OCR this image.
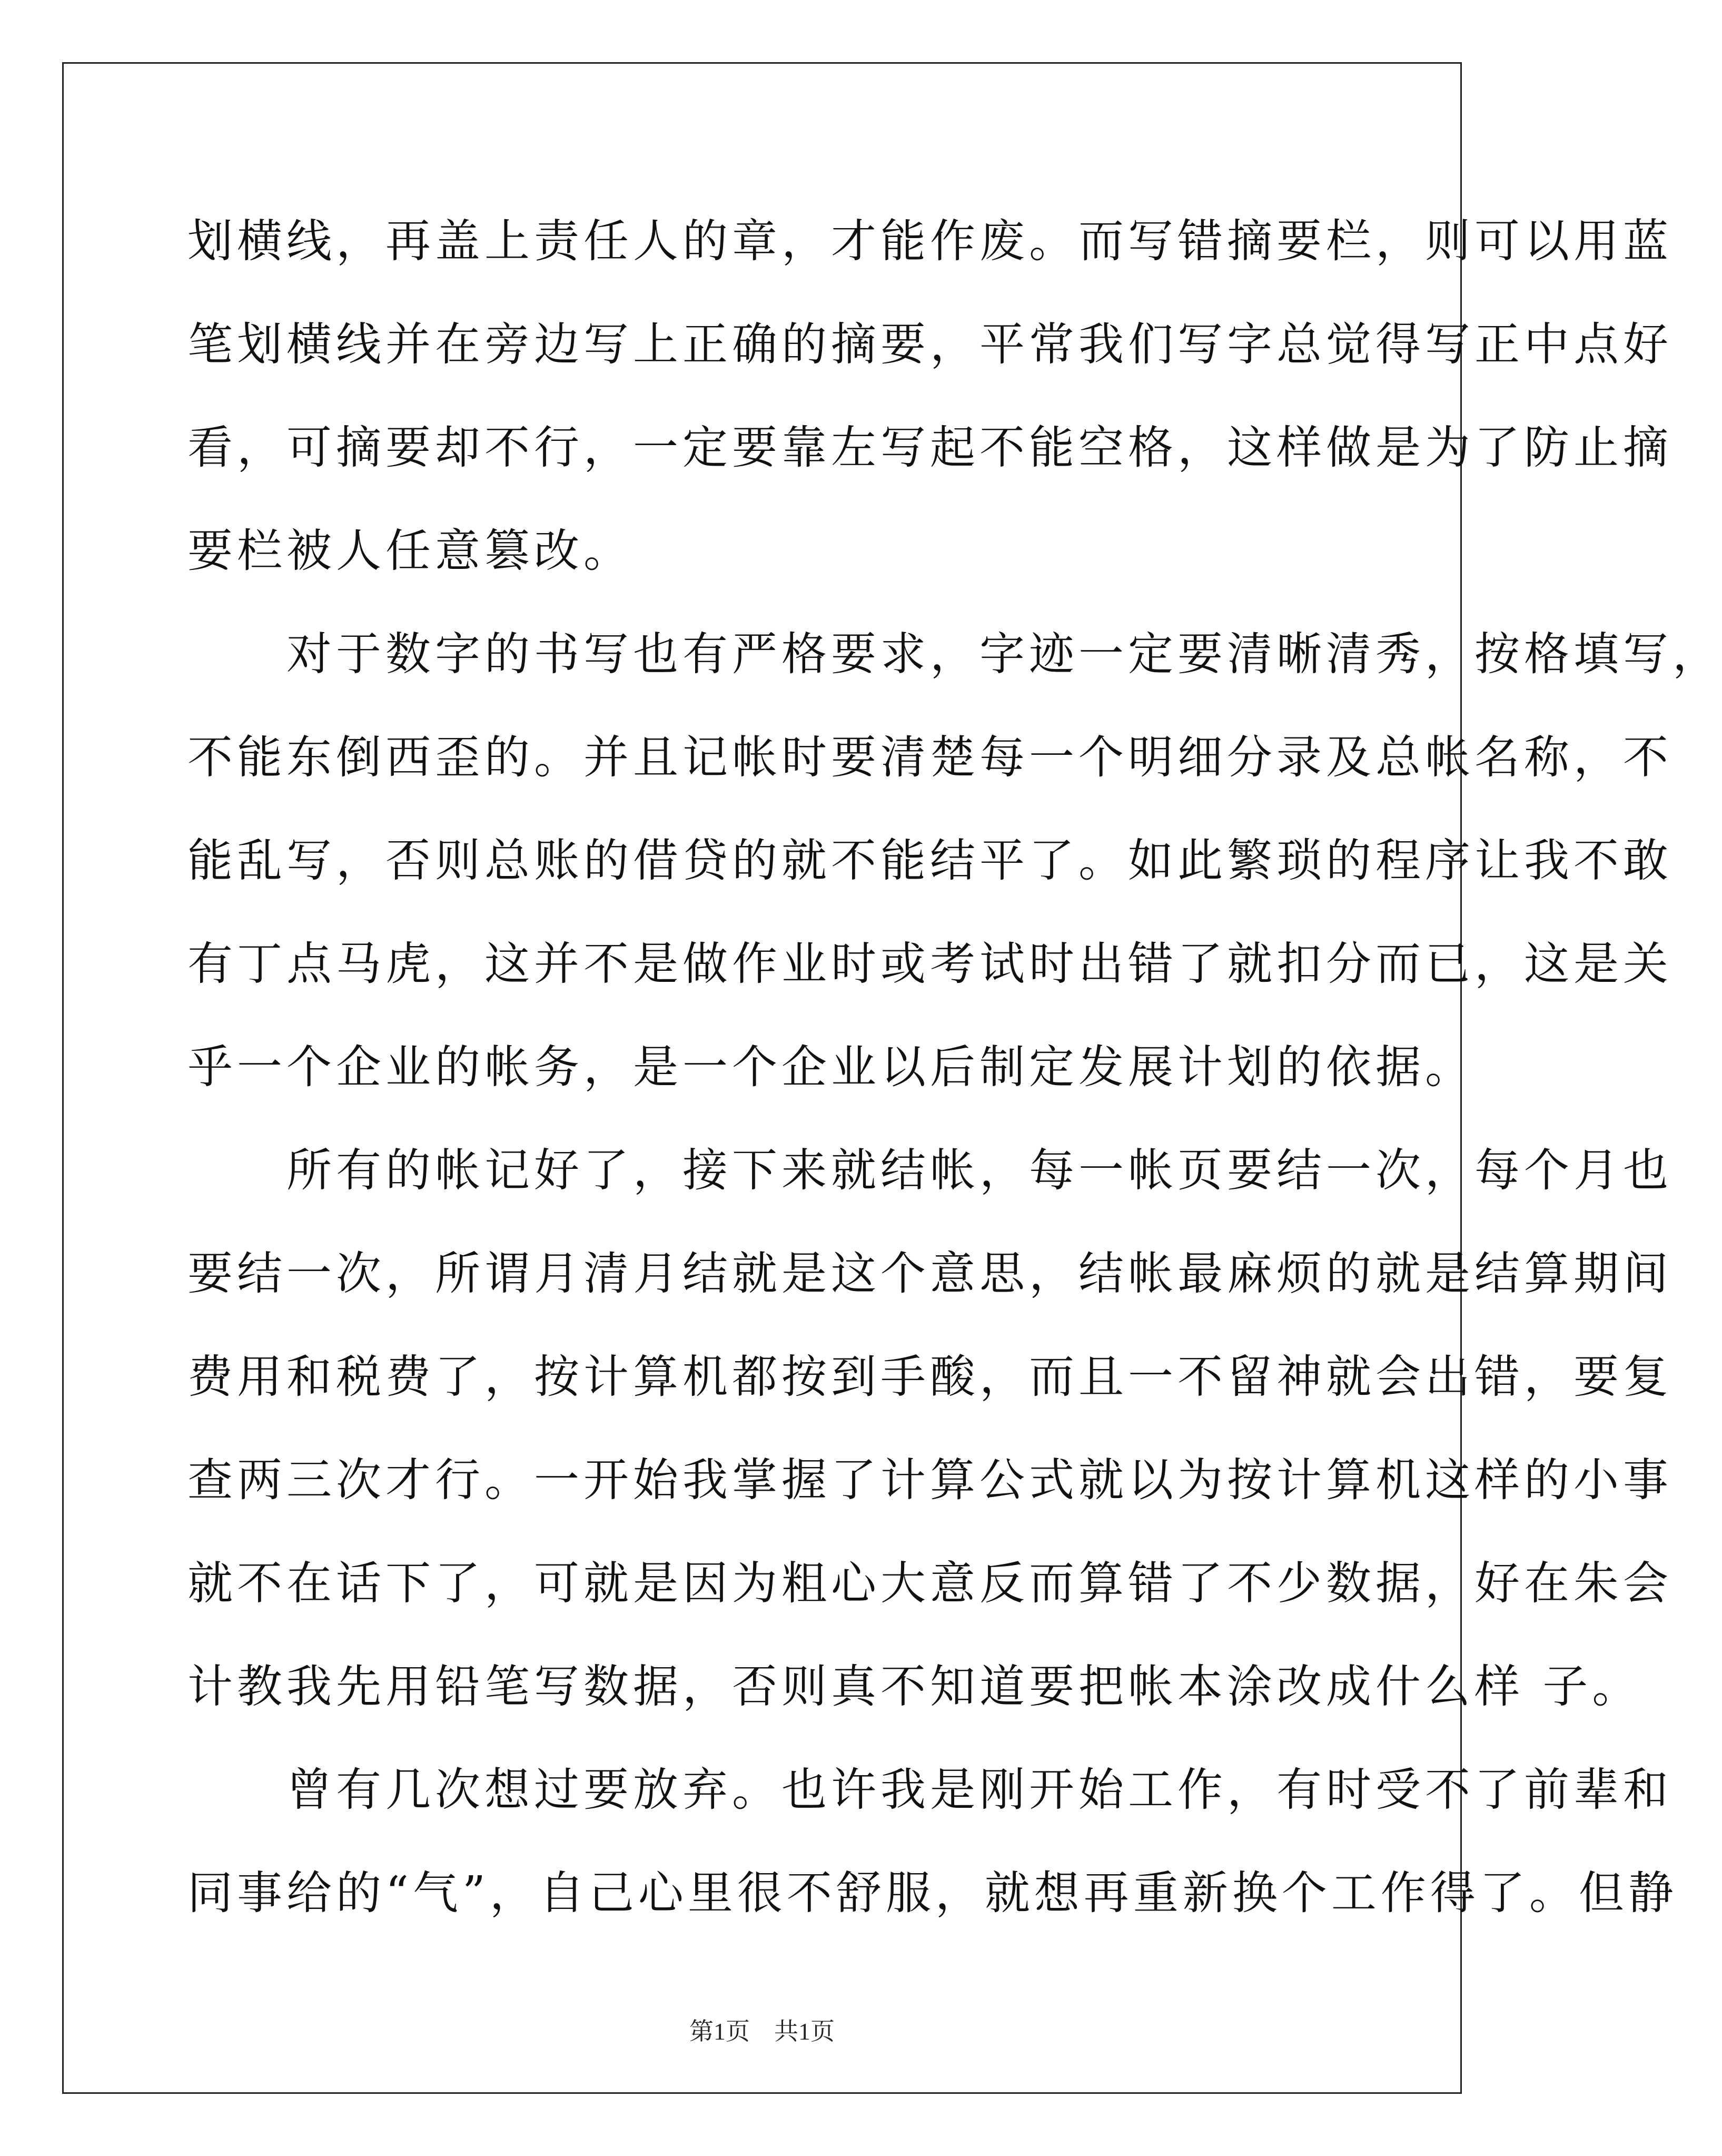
划横线，再盖上责任人的章，才能作废。而写错摘要栏，则可以用蓝
笔划横线并在旁边写上正确的摘要，平常我们写字总觉得写正中点好
看，可摘要却不行，一定要靠左写起不能空格，这样做是为了防止摘
要栏被人任意篡改。
　　对于数字的书写也有严格要求，字迹一定要清晰清秀，按格填写，
不能东倒西歪的。并且记帐时要清楚每一个明细分录及总帐名称，不
能乱写，否则总账的借贷的就不能结平了。如此繁琐的程序让我不敢
有丁点马虎，这并不是做作业时或考试时出错了就扣分而已，这是关
乎一个企业的帐务，是一个企业以后制定发展计划的依据。
　　所有的帐记好了，接下来就结帐，每一帐页要结一次，每个月也
要结一次，所谓月清月结就是这个意思，结帐最麻烦的就是结算期间
费用和税费了，按计算机都按到手酸，而且一不留神就会出错，要复
查两三次才行。一开始我掌握了计算公式就以为按计算机这样的小事
就不在话下了，可就是因为粗心大意反而算错了不少数据，好在朱会
计教我先用铅笔写数据，否则真不知道要把帐本涂改成什么样 子。
　　曾有几次想过要放弃。也许我是刚开始工作，有时受不了前辈和
同事给的“气”，自己心里很不舒服，就想再重新换个工作得了。但静
第1页　共1页
